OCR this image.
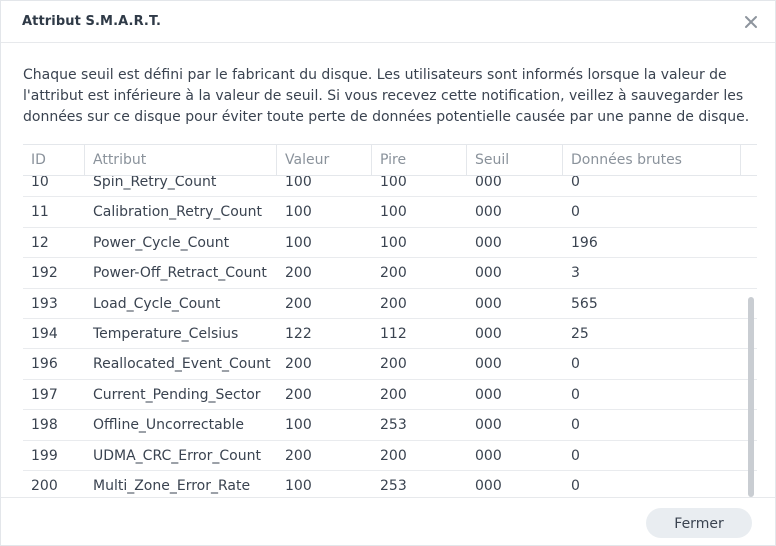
Attribut S.M.A.R.T.
Chaque seuil est défini par le fabricant du disque. Les utilisateurs sont informés lorsque la valeur de l'attribut est inférieure à la valeur de seuil. Si vous recevez cette notification, veillez à sauvegarder les données sur ce disque pour éviter toute perte de données potentielle causée par une panne de disque.
ID	Attribut	Valeur	Pire	Seuil	Données brutes
10	Spin_Retry_Count	100	100	000	0
11	Calibration_Retry_Count	100	100	000	0
12	Power_Cycle_Count	100	100	000	196
192	Power-Off_Retract_Count	200	200	000	3
193	Load_Cycle_Count	200	200	000	565
194	Temperature_Celsius	122	112	000	25
196	Reallocated_Event_Count	200	200	000	0
197	Current_Pending_Sector	200	200	000	0
198	Offline_Uncorrectable	100	253	000	0
199	UDMA_CRC_Error_Count	200	200	000	0
200	Multi_Zone_Error_Rate	100	253	000	0
Fermer
